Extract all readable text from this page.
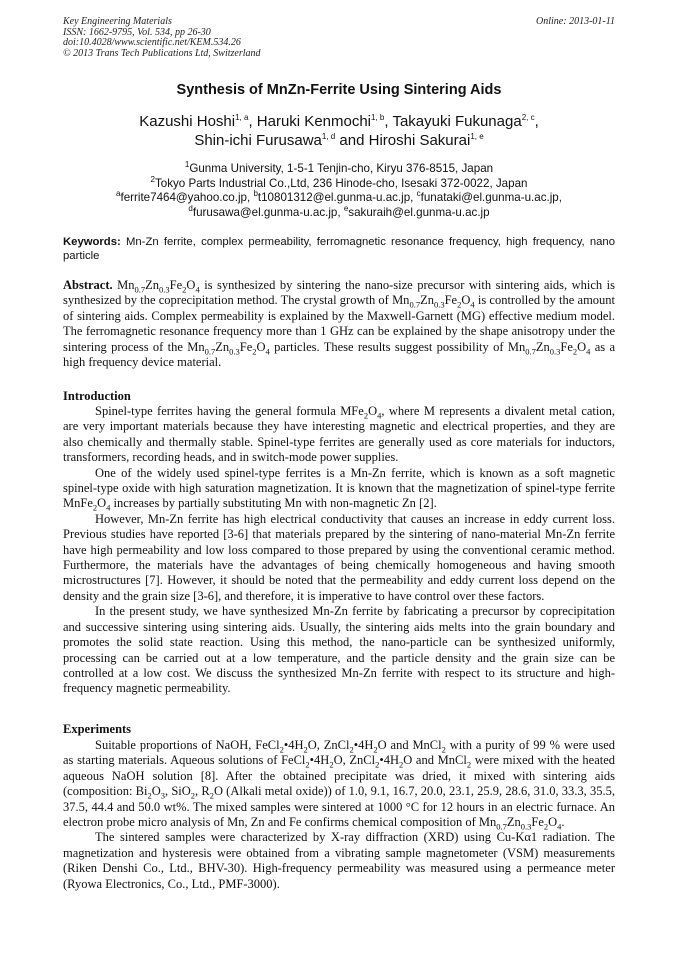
Key Engineering Materials
ISSN: 1662-9795, Vol. 534, pp 26-30
doi:10.4028/www.scientific.net/KEM.534.26
© 2013 Trans Tech Publications Ltd, Switzerland
Online: 2013-01-11
Synthesis of MnZn-Ferrite Using Sintering Aids
Kazushi Hoshi$^{1, a}$, Haruki Kenmochi$^{1, b}$, Takayuki Fukunaga$^{2, c}$,
Shin-ichi Furusawa$^{1, d}$ and Hiroshi Sakurai$^{1, e}$
$^1$Gunma University, 1-5-1 Tenjin-cho, Kiryu 376-8515, Japan
$^2$Tokyo Parts Industrial Co.,Ltd, 236 Hinode-cho, Isesaki 372-0022, Japan
$^a$ferrite7464@yahoo.co.jp, $^b$t10801312@el.gunma-u.ac.jp, $^c$funataki@el.gunma-u.ac.jp,
$^d$furusawa@el.gunma-u.ac.jp, $^e$sakuraih@el.gunma-u.ac.jp
Keywords: Mn-Zn ferrite, complex permeability, ferromagnetic resonance frequency, high frequency, nano particle

Abstract. $Mn_{0.7}Zn_{0.3}Fe_2O_4$ is synthesized by sintering the nano-size precursor with sintering aids, which is synthesized by the coprecipitation method. The crystal growth of $Mn_{0.7}Zn_{0.3}Fe_2O_4$ is controlled by the amount of sintering aids. Complex permeability is explained by the Maxwell-Garnett (MG) effective medium model. The ferromagnetic resonance frequency more than 1 GHz can be explained by the shape anisotropy under the sintering process of the $Mn_{0.7}Zn_{0.3}Fe_2O_4$ particles. These results suggest possibility of $Mn_{0.7}Zn_{0.3}Fe_2O_4$ as a high frequency device material.

Introduction

Spinel-type ferrites having the general formula $MFe_2O_4$, where M represents a divalent metal cation, are very important materials because they have interesting magnetic and electrical properties, and they are also chemically and thermally stable. Spinel-type ferrites are generally used as core materials for inductors, transformers, recording heads, and in switch-mode power supplies.

One of the widely used spinel-type ferrites is a Mn-Zn ferrite, which is known as a soft magnetic spinel-type oxide with high saturation magnetization. It is known that the magnetization of spinel-type ferrite $MnFe_2O_4$ increases by partially substituting Mn with non-magnetic Zn [2].

However, Mn-Zn ferrite has high electrical conductivity that causes an increase in eddy current loss. Previous studies have reported [3-6] that materials prepared by the sintering of nano-material Mn-Zn ferrite have high permeability and low loss compared to those prepared by using the conventional ceramic method. Furthermore, the materials have the advantages of being chemically homogeneous and having smooth microstructures [7]. However, it should be noted that the permeability and eddy current loss depend on the density and the grain size [3-6], and therefore, it is imperative to have control over these factors.

In the present study, we have synthesized Mn-Zn ferrite by fabricating a precursor by coprecipitation and successive sintering using sintering aids. Usually, the sintering aids melts into the grain boundary and promotes the solid state reaction. Using this method, the nano-particle can be synthesized uniformly, processing can be carried out at a low temperature, and the particle density and the grain size can be controlled at a low cost. We discuss the synthesized Mn-Zn ferrite with respect to its structure and high-frequency magnetic permeability.

Experiments

Suitable proportions of NaOH, $FeCl_2•4H_2O$, $ZnCl_2•4H_2O$ and MnCl$_2$ with a purity of 99 % were used as starting materials. Aqueous solutions of $FeCl_2•4H_2O$, $ZnCl_2•4H_2O$ and MnCl$_2$ were mixed with the heated aqueous NaOH solution [8]. After the obtained precipitate was dried, it mixed with sintering aids (composition: $Bi_2O_3$, SiO$_2$, $R_2O$ (Alkali metal oxide)) of 1.0, 9.1, 16.7, 20.0, 23.1, 25.9, 28.6, 31.0, 33.3, 35.5, 37.5, 44.4 and 50.0 wt%. The mixed samples were sintered at 1000 °C for 12 hours in an electric furnace. An electron probe micro analysis of Mn, Zn and Fe confirms chemical composition of $Mn_{0.7}Zn_{0.3}Fe_2O_4$.

The sintered samples were characterized by X-ray diffraction (XRD) using Cu-Kα1 radiation. The magnetization and hysteresis were obtained from a vibrating sample magnetometer (VSM) measurements (Riken Denshi Co., Ltd., BHV-30). High-frequency permeability was measured using a permeance meter (Ryowa Electronics, Co., Ltd., PMF-3000).
